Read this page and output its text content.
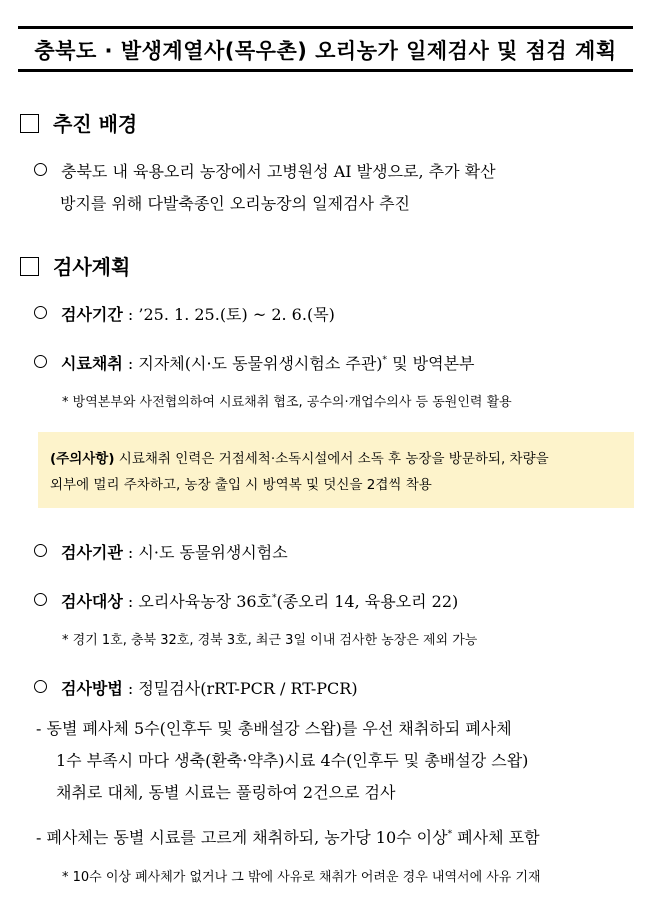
충북도 · 발생계열사(목우촌) 오리농가 일제검사 및 점검 계획
추진 배경
충북도 내 육용오리 농장에서 고병원성 AI 발생으로, 추가 확산
방지를 위해 다발축종인 오리농장의 일제검사 추진
검사계획
검사기간 : ’25. 1. 25.(토) ~ 2. 6.(목)
시료채취 : 지자체(시·도 동물위생시험소 주관)* 및 방역본부
* 방역본부와 사전협의하여 시료채취 협조, 공수의·개업수의사 등 동원인력 활용
(주의사항) 시료채취 인력은 거점세척·소독시설에서 소독 후 농장을 방문하되, 차량을
외부에 멀리 주차하고, 농장 출입 시 방역복 및 덧신을 2겹씩 착용
검사기관 : 시·도 동물위생시험소
검사대상 : 오리사육농장 36호*(종오리 14, 육용오리 22)
* 경기 1호, 충북 32호, 경북 3호, 최근 3일 이내 검사한 농장은 제외 가능
검사방법 : 정밀검사(rRT-PCR / RT-PCR)
- 동별 폐사체 5수(인후두 및 총배설강 스왑)를 우선 채취하되 폐사체
1수 부족시 마다 생축(환축·약추)시료 4수(인후두 및 총배설강 스왑)
채취로 대체, 동별 시료는 풀링하여 2건으로 검사
- 폐사체는 동별 시료를 고르게 채취하되, 농가당 10수 이상* 폐사체 포함
* 10수 이상 폐사체가 없거나 그 밖에 사유로 채취가 어려운 경우 내역서에 사유 기재
